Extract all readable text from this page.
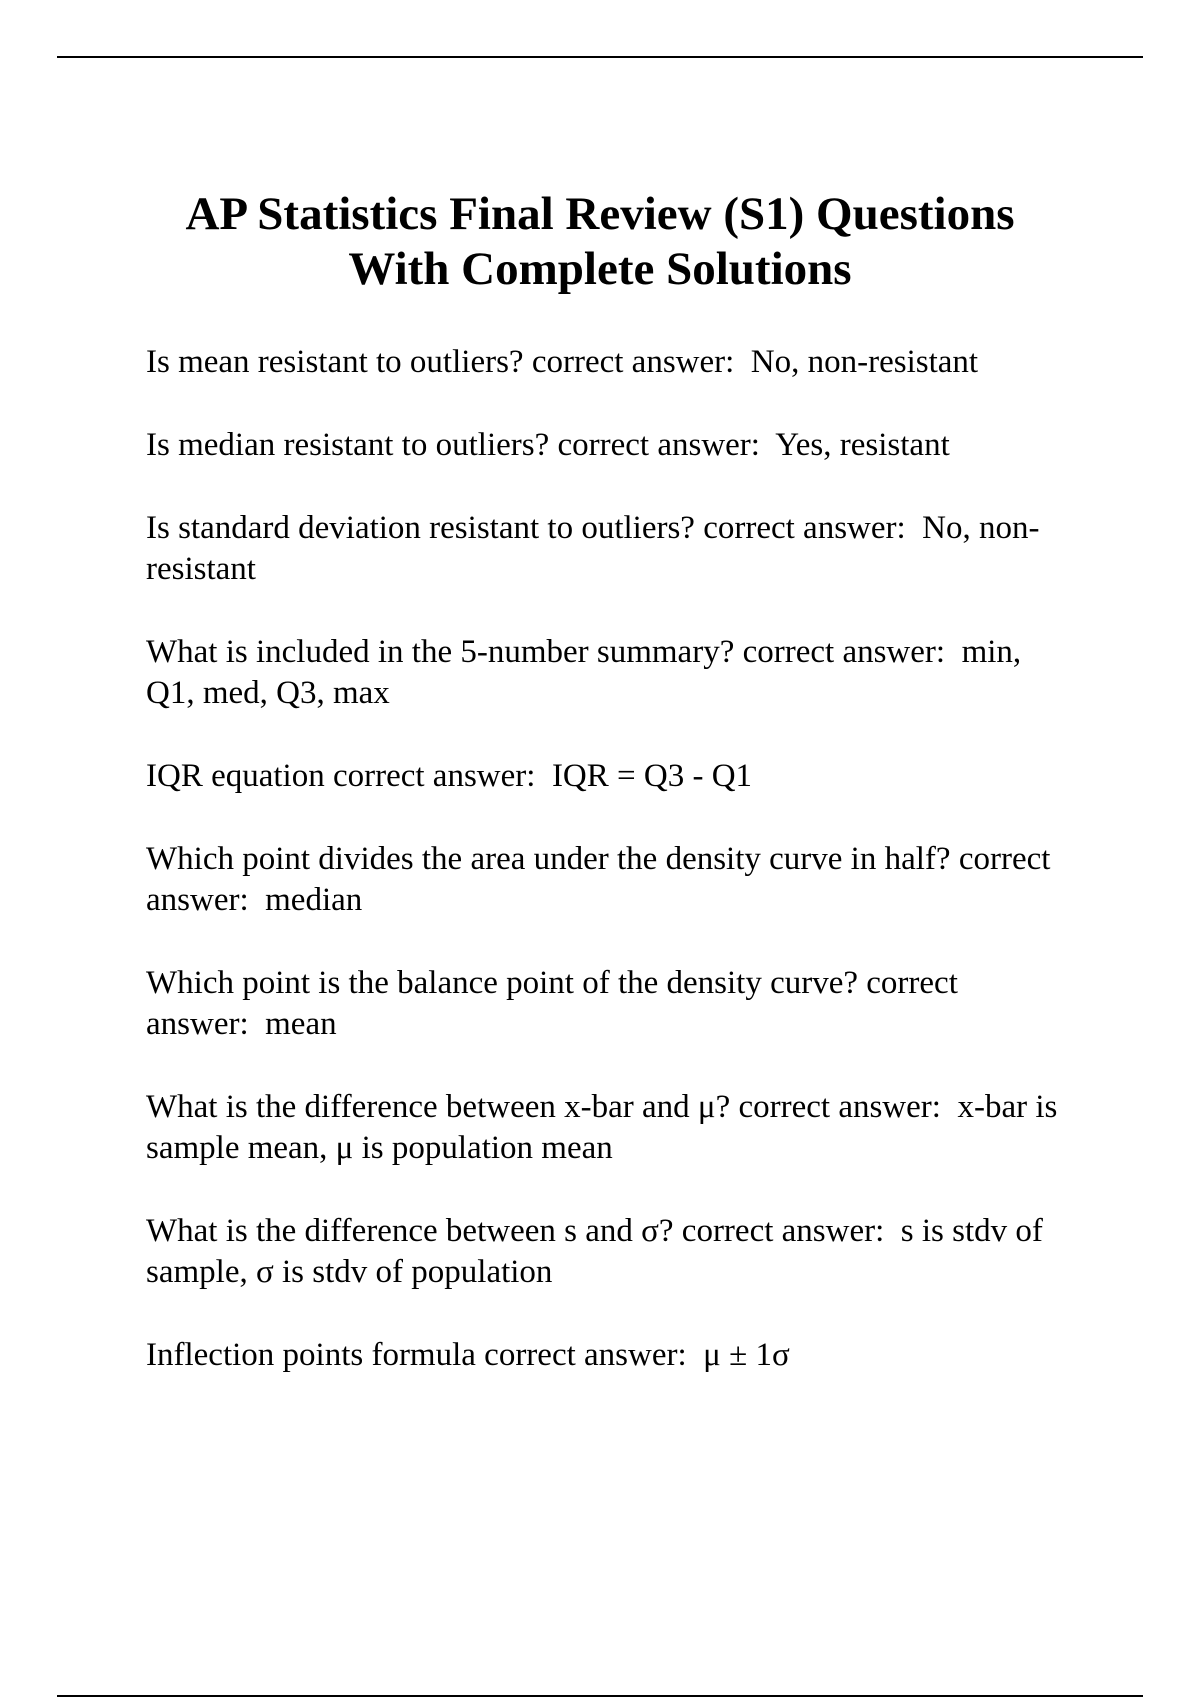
AP Statistics Final Review (S1) Questions
With Complete Solutions
Is mean resistant to outliers? correct answer: No, non-resistant
Is median resistant to outliers? correct answer: Yes, resistant
Is standard deviation resistant to outliers? correct answer: No, non-resistant
What is included in the 5-number summary? correct answer: min, Q1, med, Q3, max
IQR equation correct answer: IQR = Q3 - Q1
Which point divides the area under the density curve in half? correct answer: median
Which point is the balance point of the density curve? correct answer: mean
What is the difference between x-bar and μ? correct answer: x-bar is sample mean, μ is population mean
What is the difference between s and σ? correct answer: s is stdv of sample, σ is stdv of population
Inflection points formula correct answer: μ ± 1σ
